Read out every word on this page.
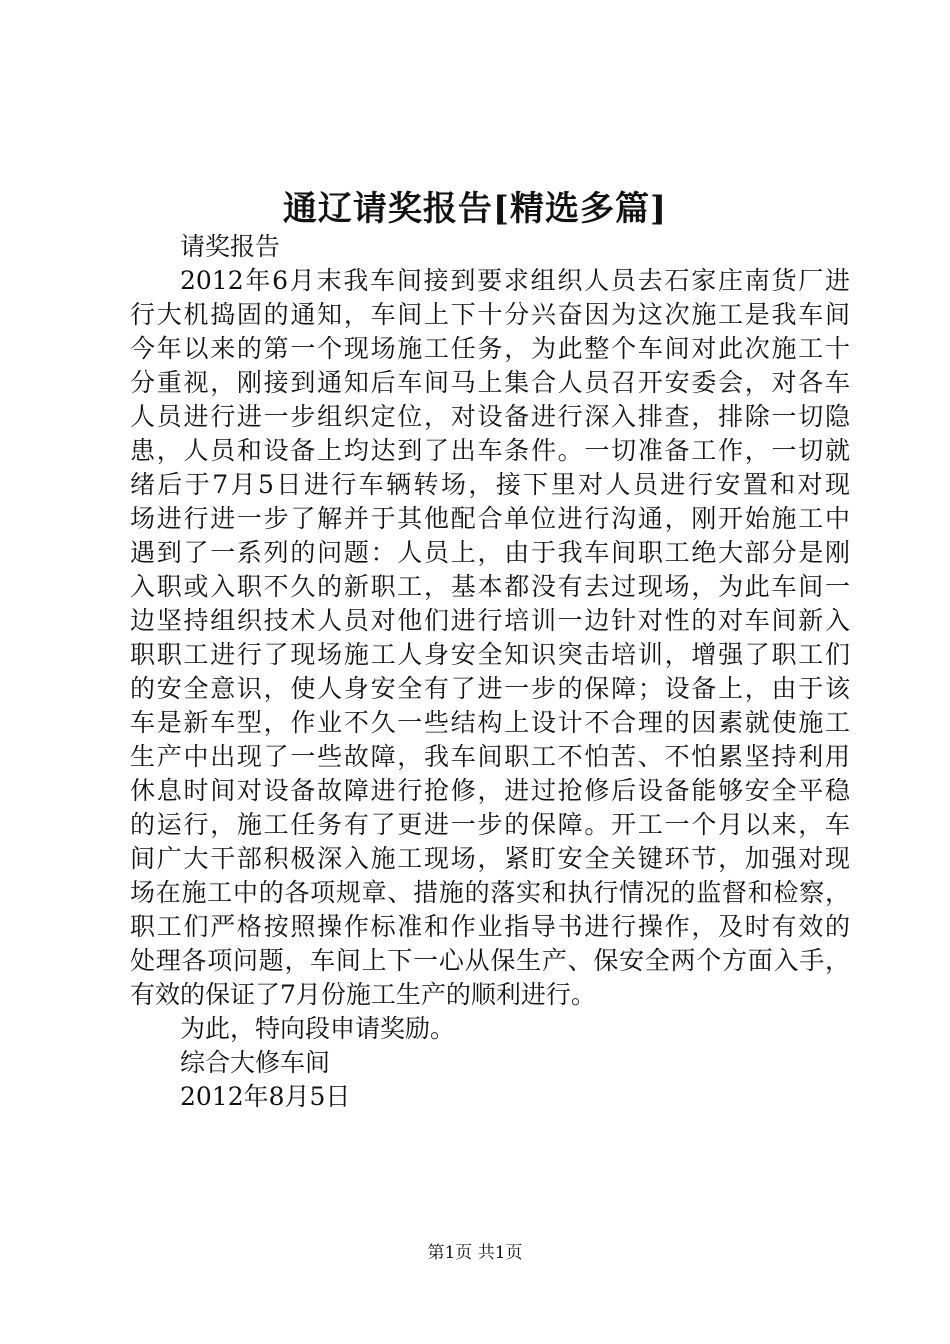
通辽请奖报告[精选多篇]
请奖报告
2012年6月末我车间接到要求组织人员去石家庄南货厂进
行大机捣固的通知，车间上下十分兴奋因为这次施工是我车间
今年以来的第一个现场施工任务，为此整个车间对此次施工十
分重视，刚接到通知后车间马上集合人员召开安委会，对各车
人员进行进一步组织定位，对设备进行深入排查，排除一切隐
患，人员和设备上均达到了出车条件。一切准备工作，一切就
绪后于7月5日进行车辆转场，接下里对人员进行安置和对现
场进行进一步了解并于其他配合单位进行沟通，刚开始施工中
遇到了一系列的问题：人员上，由于我车间职工绝大部分是刚
入职或入职不久的新职工，基本都没有去过现场，为此车间一
边坚持组织技术人员对他们进行培训一边针对性的对车间新入
职职工进行了现场施工人身安全知识突击培训，增强了职工们
的安全意识，使人身安全有了进一步的保障；设备上，由于该
车是新车型，作业不久一些结构上设计不合理的因素就使施工
生产中出现了一些故障，我车间职工不怕苦、不怕累坚持利用
休息时间对设备故障进行抢修，进过抢修后设备能够安全平稳
的运行，施工任务有了更进一步的保障。开工一个月以来，车
间广大干部积极深入施工现场，紧盯安全关键环节，加强对现
场在施工中的各项规章、措施的落实和执行情况的监督和检察，
职工们严格按照操作标准和作业指导书进行操作，及时有效的
处理各项问题，车间上下一心从保生产、保安全两个方面入手，
有效的保证了7月份施工生产的顺利进行。
为此，特向段申请奖励。
综合大修车间
2012年8月5日
第1页 共1页
